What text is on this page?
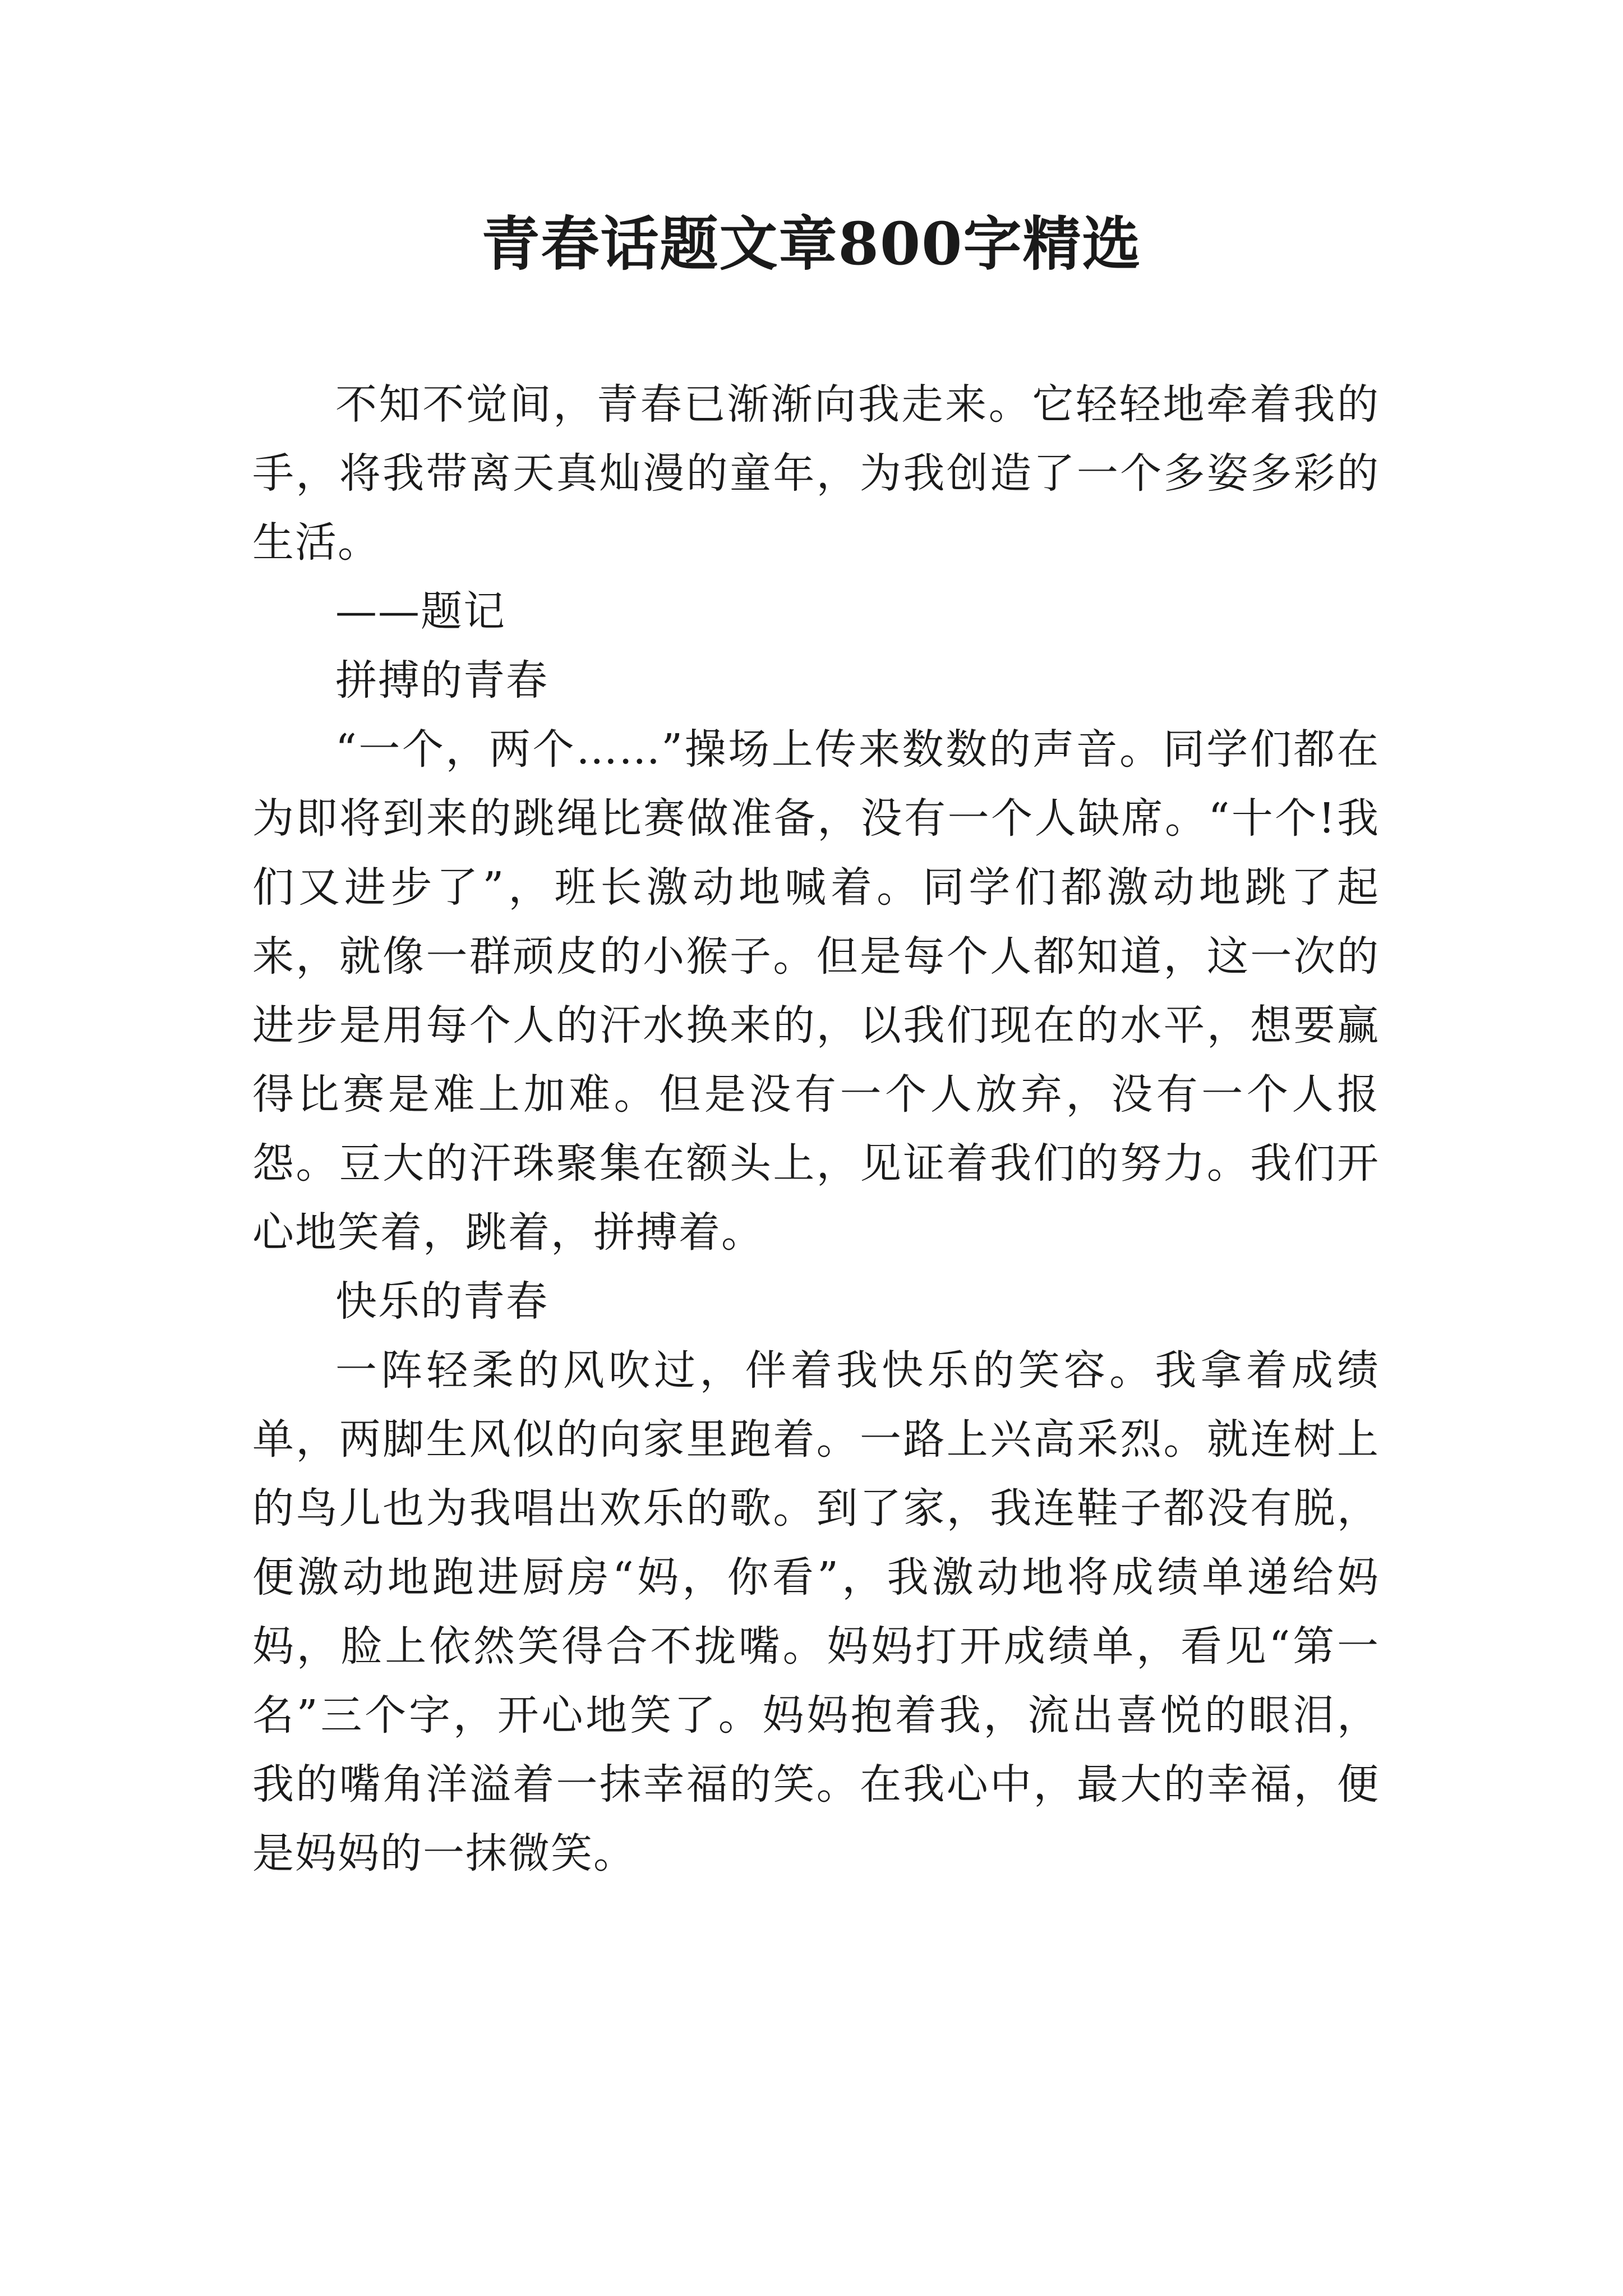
青春话题文章800字精选

不知不觉间，青春已渐渐向我走来。它轻轻地牵着我的手，将我带离天真灿漫的童年，为我创造了一个多姿多彩的生活。

——题记

拼搏的青春

“一个，两个……”操场上传来数数的声音。同学们都在为即将到来的跳绳比赛做准备，没有一个人缺席。“十个!我们又进步了”，班长激动地喊着。同学们都激动地跳了起来，就像一群顽皮的小猴子。但是每个人都知道，这一次的进步是用每个人的汗水换来的，以我们现在的水平，想要赢得比赛是难上加难。但是没有一个人放弃，没有一个人报怨。豆大的汗珠聚集在额头上，见证着我们的努力。我们开心地笑着，跳着，拼搏着。

快乐的青春

一阵轻柔的风吹过，伴着我快乐的笑容。我拿着成绩单，两脚生风似的向家里跑着。一路上兴高采烈。就连树上的鸟儿也为我唱出欢乐的歌。到了家，我连鞋子都没有脱，便激动地跑进厨房“妈，你看”，我激动地将成绩单递给妈妈，脸上依然笑得合不拢嘴。妈妈打开成绩单，看见“第一名”三个字，开心地笑了。妈妈抱着我，流出喜悦的眼泪，我的嘴角洋溢着一抹幸福的笑。在我心中，最大的幸福，便是妈妈的一抹微笑。
